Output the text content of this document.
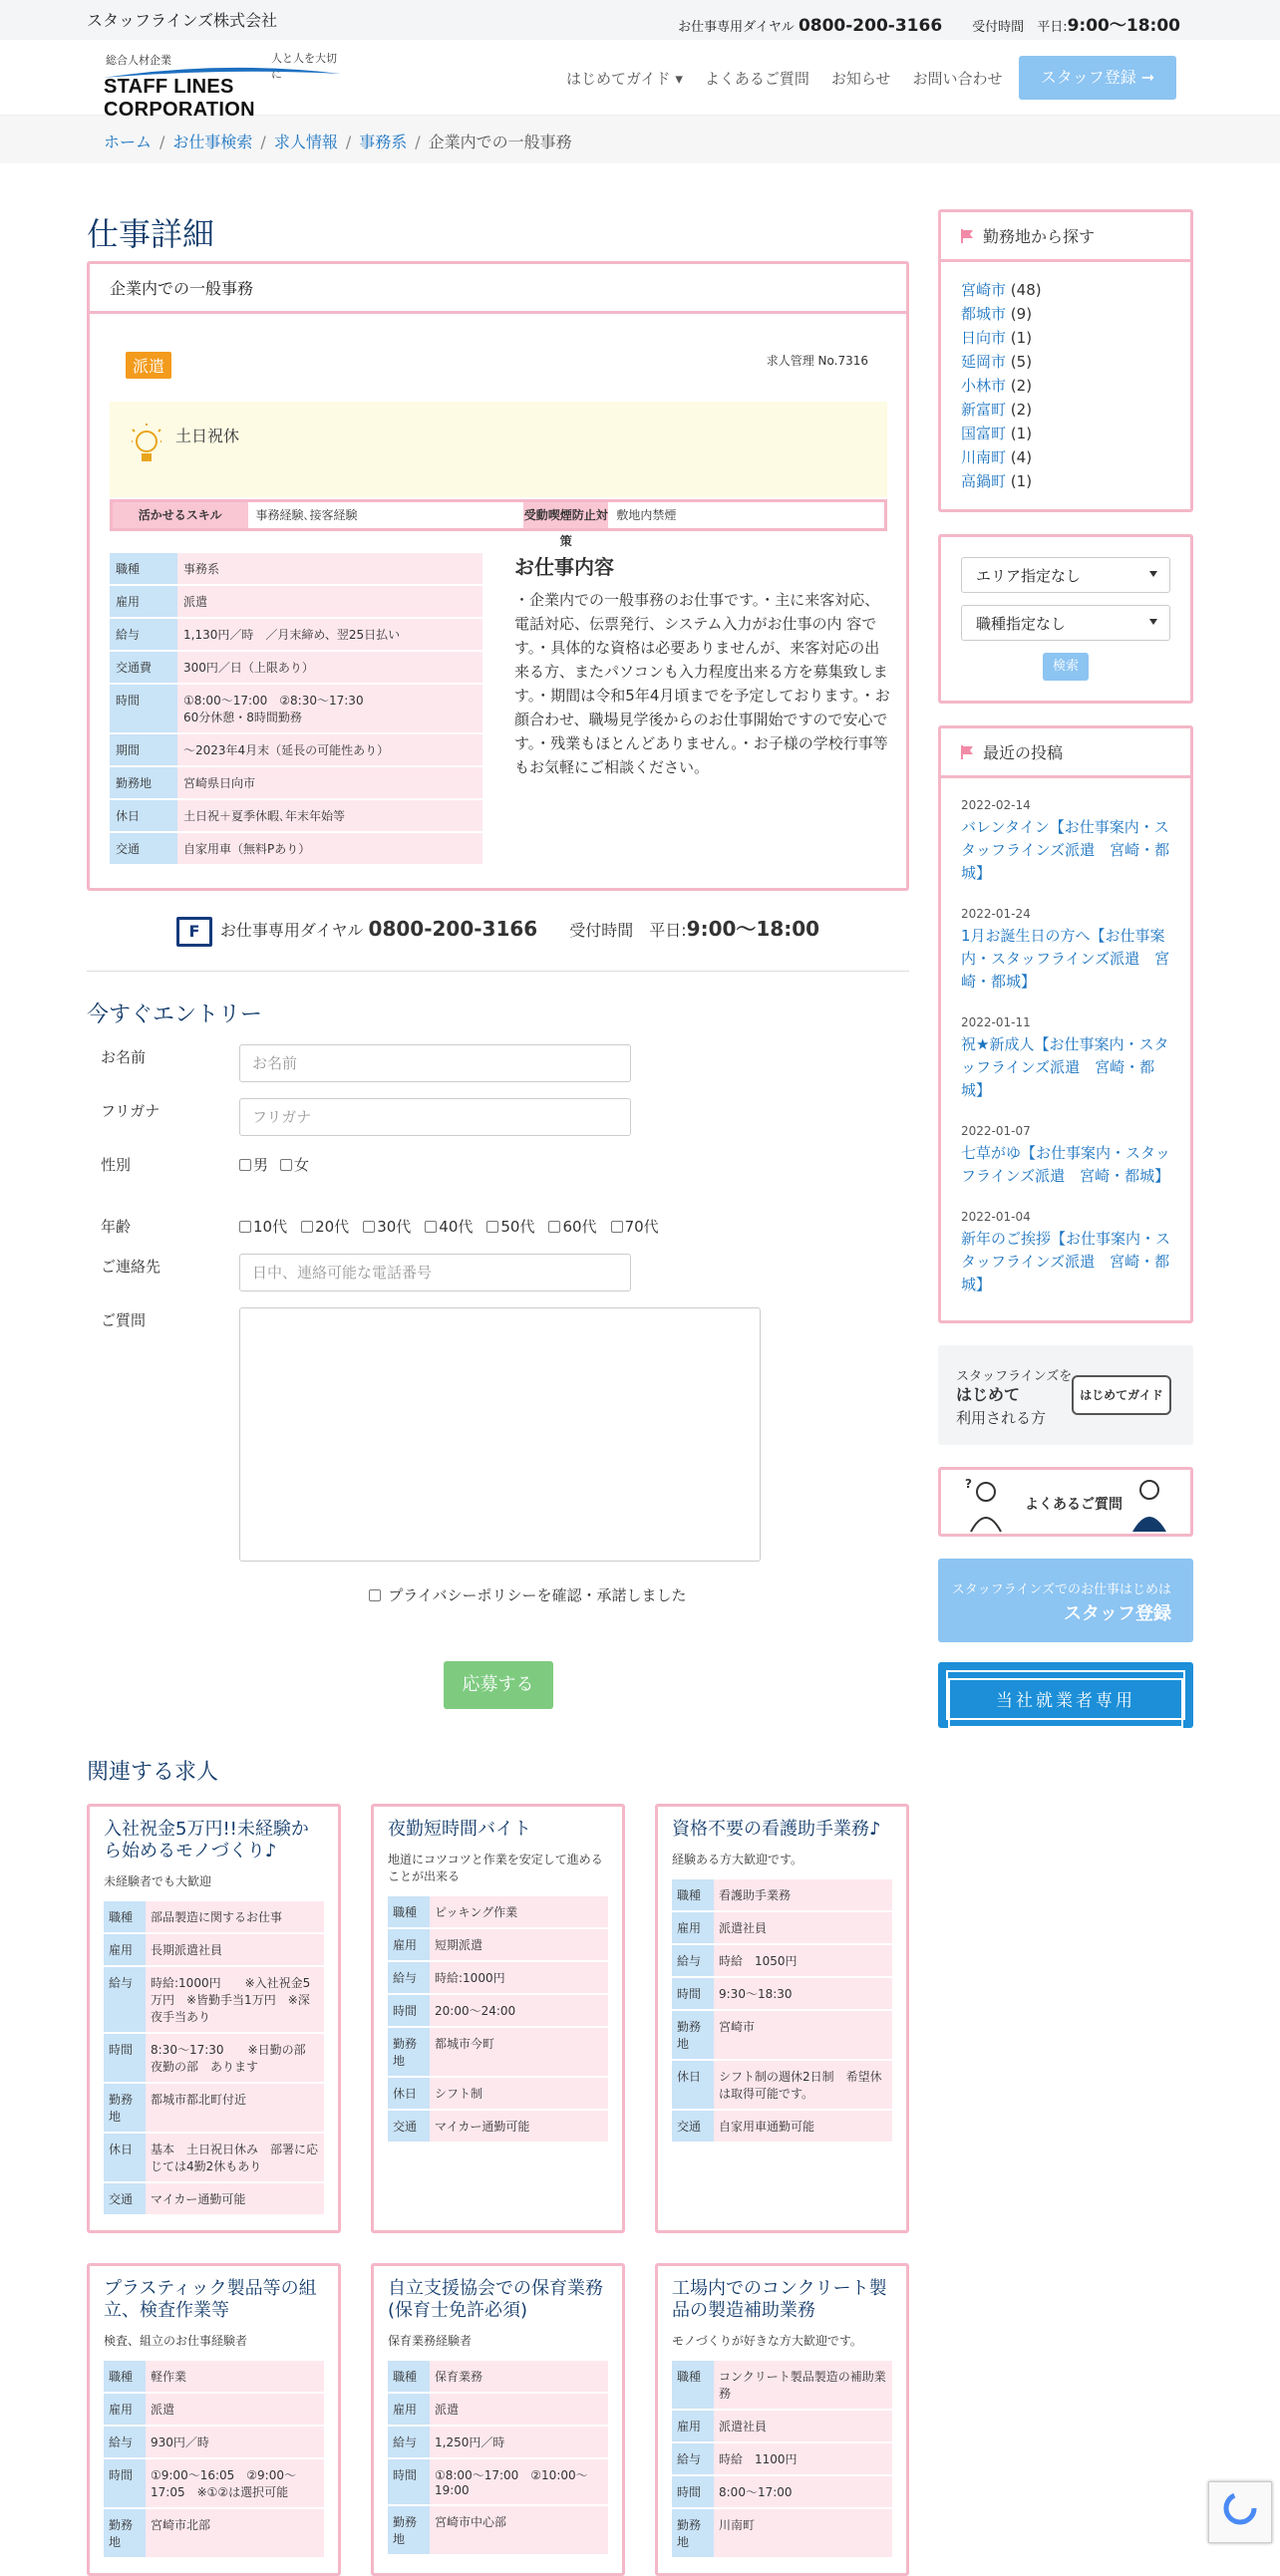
スタッフラインズ株式会社	お仕事専用ダイヤル 0800-200-3166 受付時間　 平日:9:00〜18:00
総合人材企業	人と人を大切に
STAFF LINES CORPORATION
はじめてガイド ▾ よくあるご質問 お知らせ お問い合わせ	スタッフ登録 ➞
ホーム / お仕事検索 / 求人情報 / 事務系 / 企業内での一般事務
仕事詳細
企業内での一般事務
派遣	求人管理 No.7316
土日祝休
活かせるスキル	事務経験､接客経験	受動喫煙防止対策
敷地内禁煙
職種	事務系
雇用	派遣
給与	1,130円／時　／月末締め、翌25日払い
交通費	300円／日（上限あり）
時間	①8:00〜17:00　②8:30〜17:30
60分休憩・8時間勤務
期間	〜2023年4月末（延長の可能性あり）
勤務地	宮崎県日向市
休日	土日祝＋夏季休暇､年末年始等
交通	自家用車（無料Pあり）
お仕事内容
・企業内での一般事務のお仕事です。・主に来客対応、電話対応、伝票発行、システム入力がお仕事の内 容です。・具体的な資格は必要ありませんが、来客対応の出来る方、またパソコンも入力程度出来る方を募集致します。・期間は令和5年4月頃までを予定しております。・お顔合わせ、職場見学後からのお仕事開始ですので安心です。・残業もほとんどありません。・お子様の学校行事等もお気軽にご相談ください。
F お仕事専用ダイヤル 0800-200-3166　　 受付時間　 平日:9:00〜18:00
今すぐエントリー
お名前	お名前
フリガナ	フリガナ
性別	男 女
年齢	10代 20代 30代 40代 50代 60代 70代
ご連絡先	日中、連絡可能な電話番号
ご質問
プライバシーポリシーを確認・承諾しました
応募する
関連する求人
入社祝金5万円!!未経験から始めるモノづくり♪
未経験者でも大歓迎
職種	部品製造に関するお仕事
雇用	長期派遣社員
給与	時給:1000円　　※入社祝金5万円　※皆勤手当1万円　※深夜手当あり
時間	8:30〜17:30　　※日勤の部　夜勤の部　あります
勤務地	都城市都北町付近
休日	基本　土日祝日休み　部署に応じては4勤2休もあり
交通	マイカー通勤可能
夜勤短時間バイト
地道にコツコツと作業を安定して進めることが出来る
職種	ピッキング作業
雇用	短期派遣
給与	時給:1000円
時間	20:00〜24:00
勤務地	都城市今町
休日	シフト制
交通	マイカー通勤可能
資格不要の看護助手業務♪
経験ある方大歓迎です。
職種	看護助手業務
雇用	派遣社員
給与	時給　1050円
時間	9:30〜18:30
勤務地	宮崎市
休日	シフト制の週休2日制　希望休は取得可能です。
交通	自家用車通勤可能
プラスティック製品等の組立、検査作業等
検査、組立のお仕事経験者
職種	軽作業
雇用	派遣
給与	930円／時
時間	①9:00〜16:05　②9:00〜17:05　※①②は選択可能
勤務地	宮崎市北部
自立支援協会での保育業務 (保育士免許必須)
保育業務経験者
職種	保育業務
雇用	派遣
給与	1,250円／時
時間	①8:00〜17:00　②10:00〜19:00
勤務地	宮崎市中心部
工場内でのコンクリート製品の製造補助業務
モノづくりが好きな方大歓迎です。
職種	コンクリート製品製造の補助業務
雇用	派遣社員
給与	時給　1100円
時間	8:00〜17:00
勤務地	川南町
勤務地から探す
宮崎市 (48)
都城市 (9)
日向市 (1)
延岡市 (5)
小林市 (2)
新富町 (2)
国富町 (1)
川南町 (4)
高鍋町 (1)
エリア指定なし
職種指定なし
検索
最近の投稿
2022-02-14
バレンタイン【お仕事案内・スタッフラインズ派遣　宮崎・都城】
2022-01-24
1月お誕生日の方へ【お仕事案内・スタッフラインズ派遣　宮崎・都城】
2022-01-11
祝★新成人【お仕事案内・スタッフラインズ派遣　宮崎・都城】
2022-01-07
七草がゆ【お仕事案内・スタッフラインズ派遣　宮崎・都城】
2022-01-04
新年のご挨拶【お仕事案内・スタッフラインズ派遣　宮崎・都城】
スタッフラインズを
はじめて
利用される方
はじめてガイド
?
よくあるご質問
スタッフラインズでのお仕事はじめは
スタッフ登録
当社就業者専用
members only
